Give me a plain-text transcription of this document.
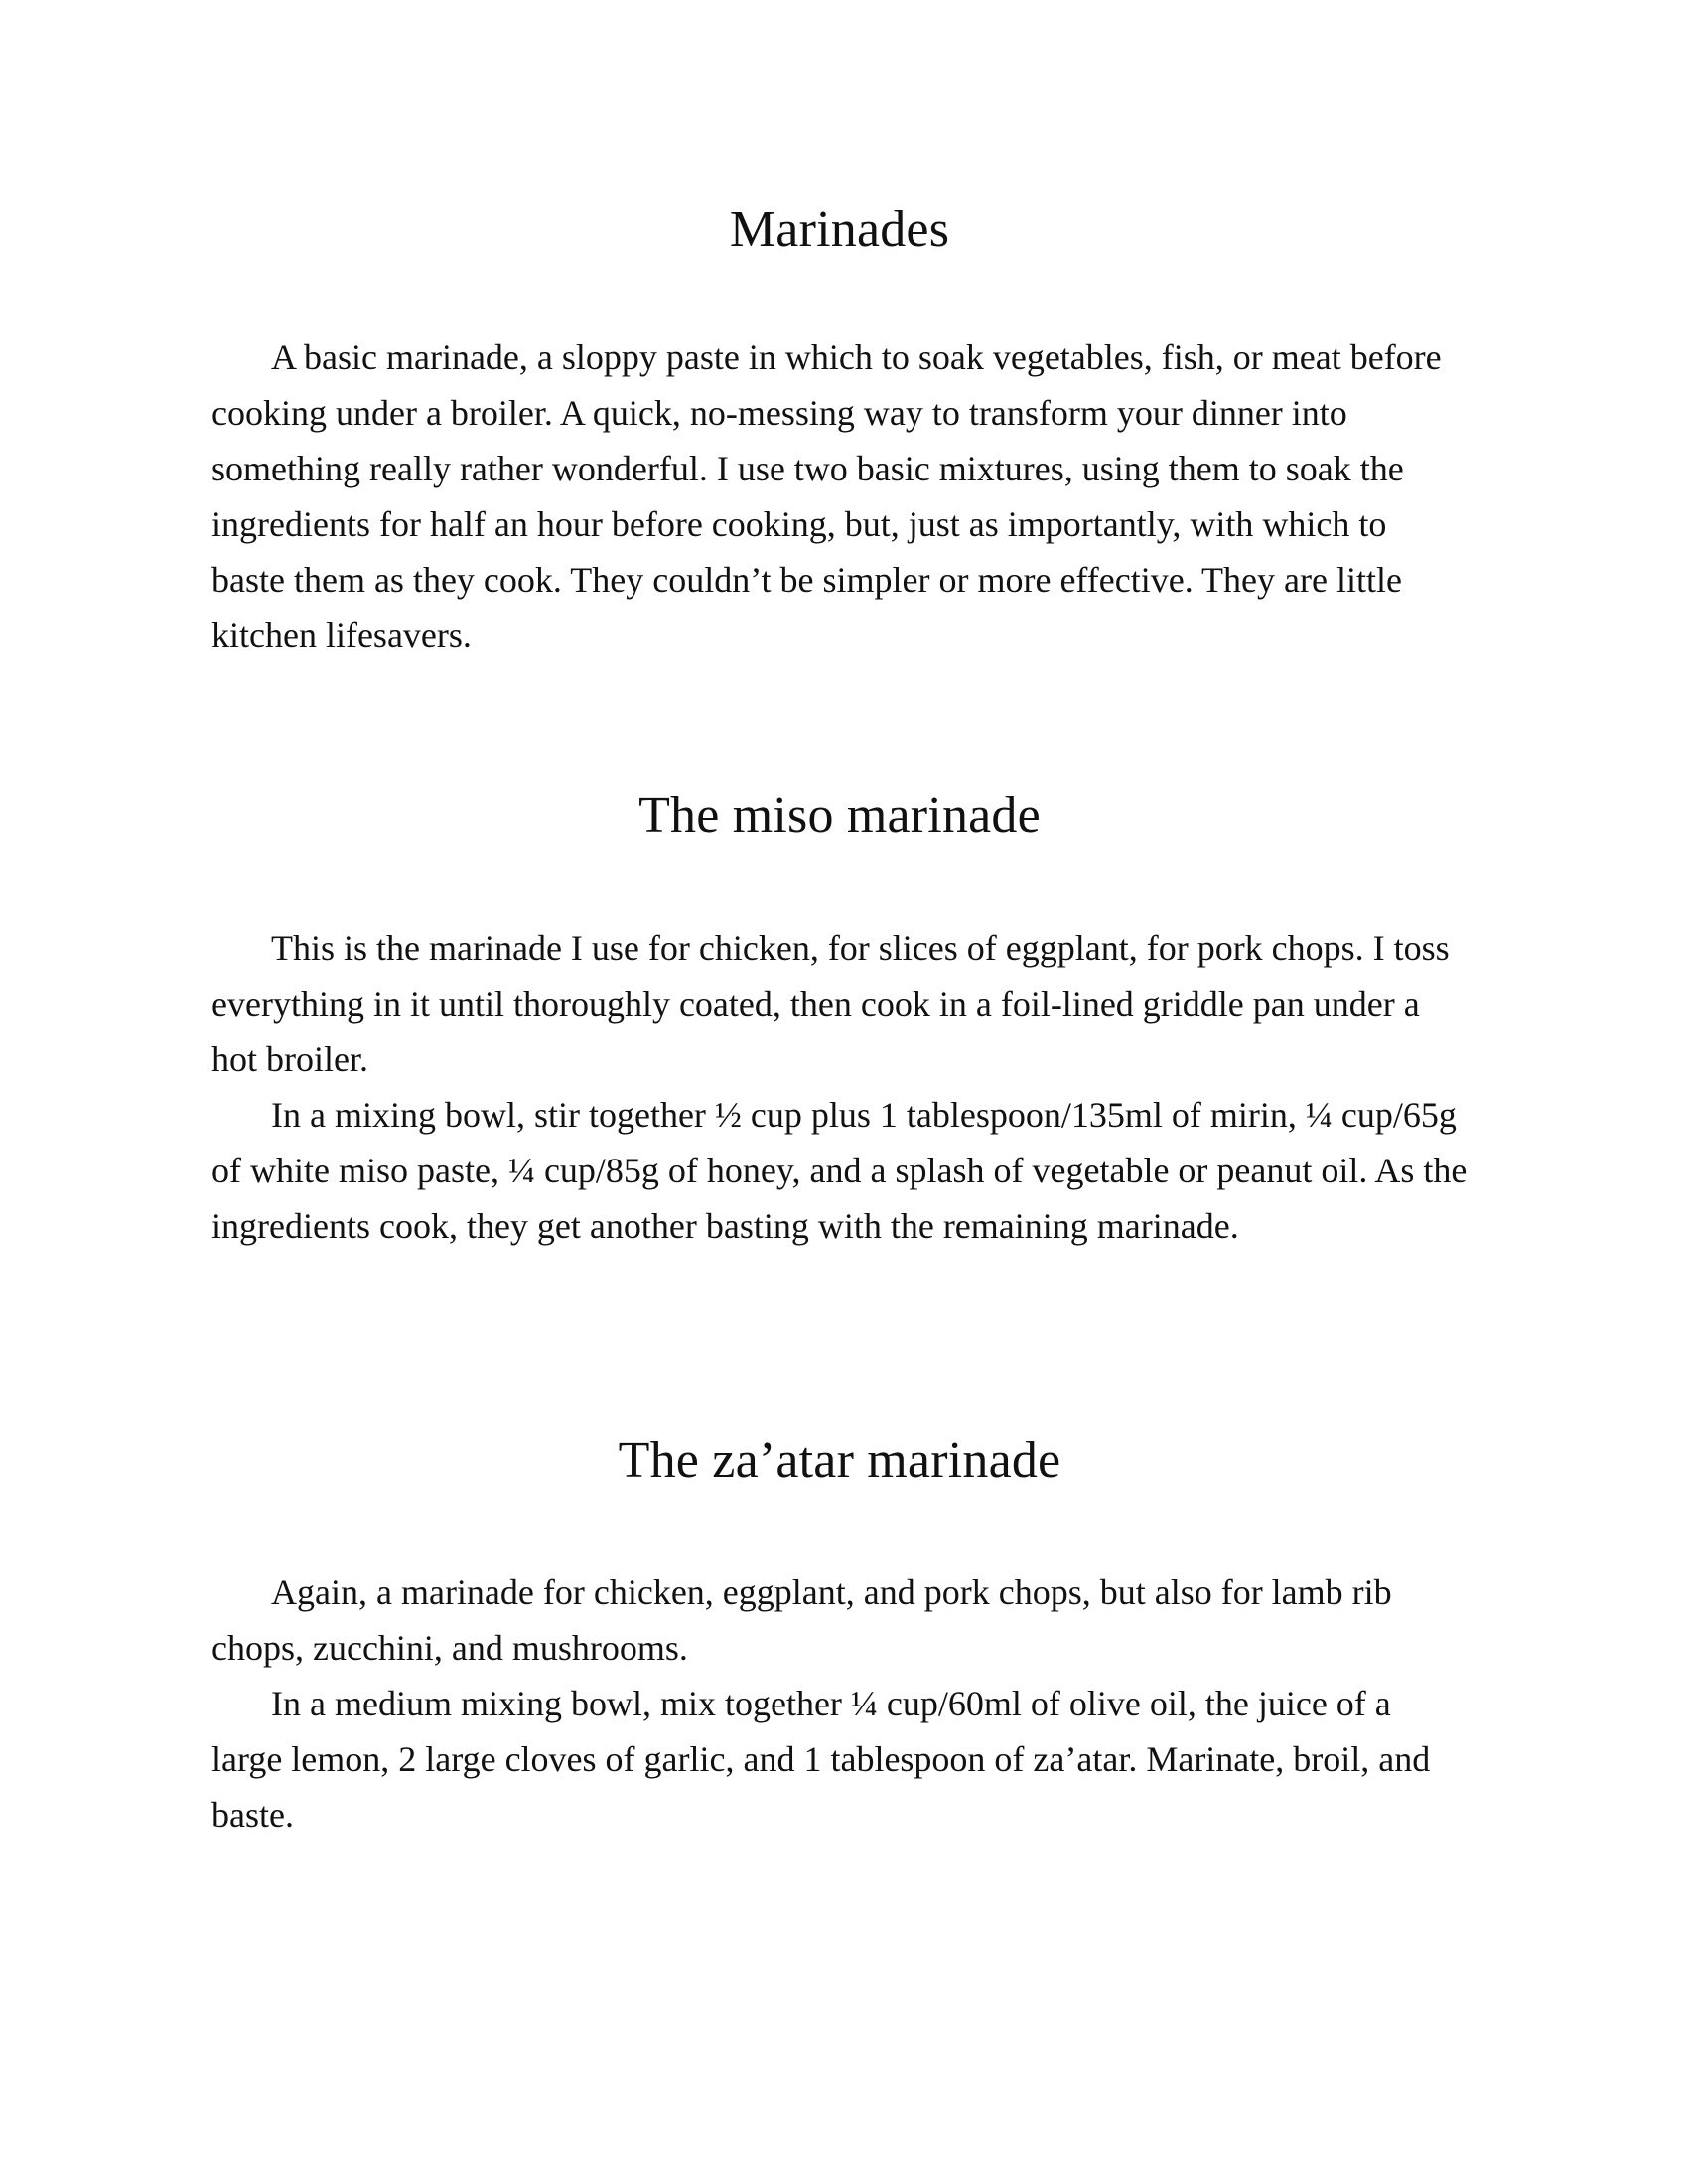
Marinades

A basic marinade, a sloppy paste in which to soak vegetables, fish, or meat before cooking under a broiler. A quick, no-messing way to transform your dinner into something really rather wonderful. I use two basic mixtures, using them to soak the ingredients for half an hour before cooking, but, just as importantly, with which to baste them as they cook. They couldn’t be simpler or more effective. They are little kitchen lifesavers.

The miso marinade

This is the marinade I use for chicken, for slices of eggplant, for pork chops. I toss everything in it until thoroughly coated, then cook in a foil-lined griddle pan under a hot broiler.

In a mixing bowl, stir together ½ cup plus 1 tablespoon/135ml of mirin, ¼ cup/65g of white miso paste, ¼ cup/85g of honey, and a splash of vegetable or peanut oil. As the ingredients cook, they get another basting with the remaining marinade.

The za’atar marinade

Again, a marinade for chicken, eggplant, and pork chops, but also for lamb rib chops, zucchini, and mushrooms.

In a medium mixing bowl, mix together ¼ cup/60ml of olive oil, the juice of a large lemon, 2 large cloves of garlic, and 1 tablespoon of za’atar. Marinate, broil, and baste.
